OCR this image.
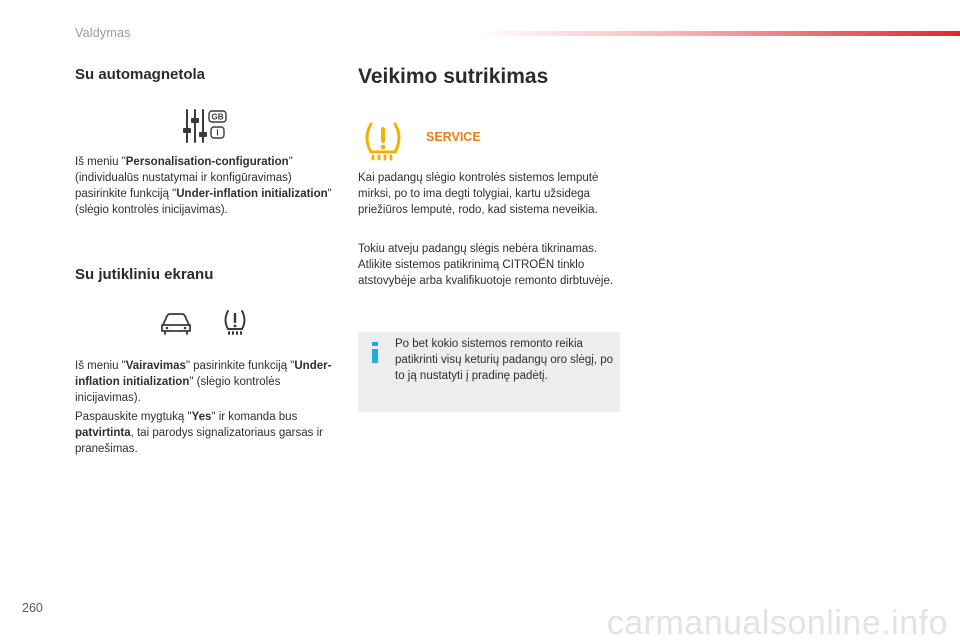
Valdymas
Su automagnetola
GB
I

Iš meniu "Personalisation-configuration" (individualūs nustatymai ir konfigūravimas) pasirinkite funkciją "Under-inflation initialization" (slėgio kontrolės inicijavimas).

Su jutikliniu ekranu

Iš meniu "Vairavimas" pasirinkite funkciją "Under-inflation initialization" (slėgio kontrolės inicijavimas).

Paspauskite mygtuką "Yes" ir komanda bus patvirtinta, tai parodys signalizatoriaus garsas ir pranešimas.

Veikimo sutrikimas
SERVICE

Kai padangų slėgio kontrolės sistemos lemputė mirksi, po to ima degti tolygiai, kartu užsidega priežiūros lemputė, rodo, kad sistema neveikia.

Tokiu atveju padangų slėgis nebėra tikrinamas. Atlikite sistemos patikrinimą CITROËN tinklo atstovybėje arba kvalifikuotoje remonto dirbtuvėje.

Po bet kokio sistemos remonto reikia patikrinti visų keturių padangų oro slėgį, po to ją nustatyti į pradinę padėtį.

260	carmanualsonline.info
